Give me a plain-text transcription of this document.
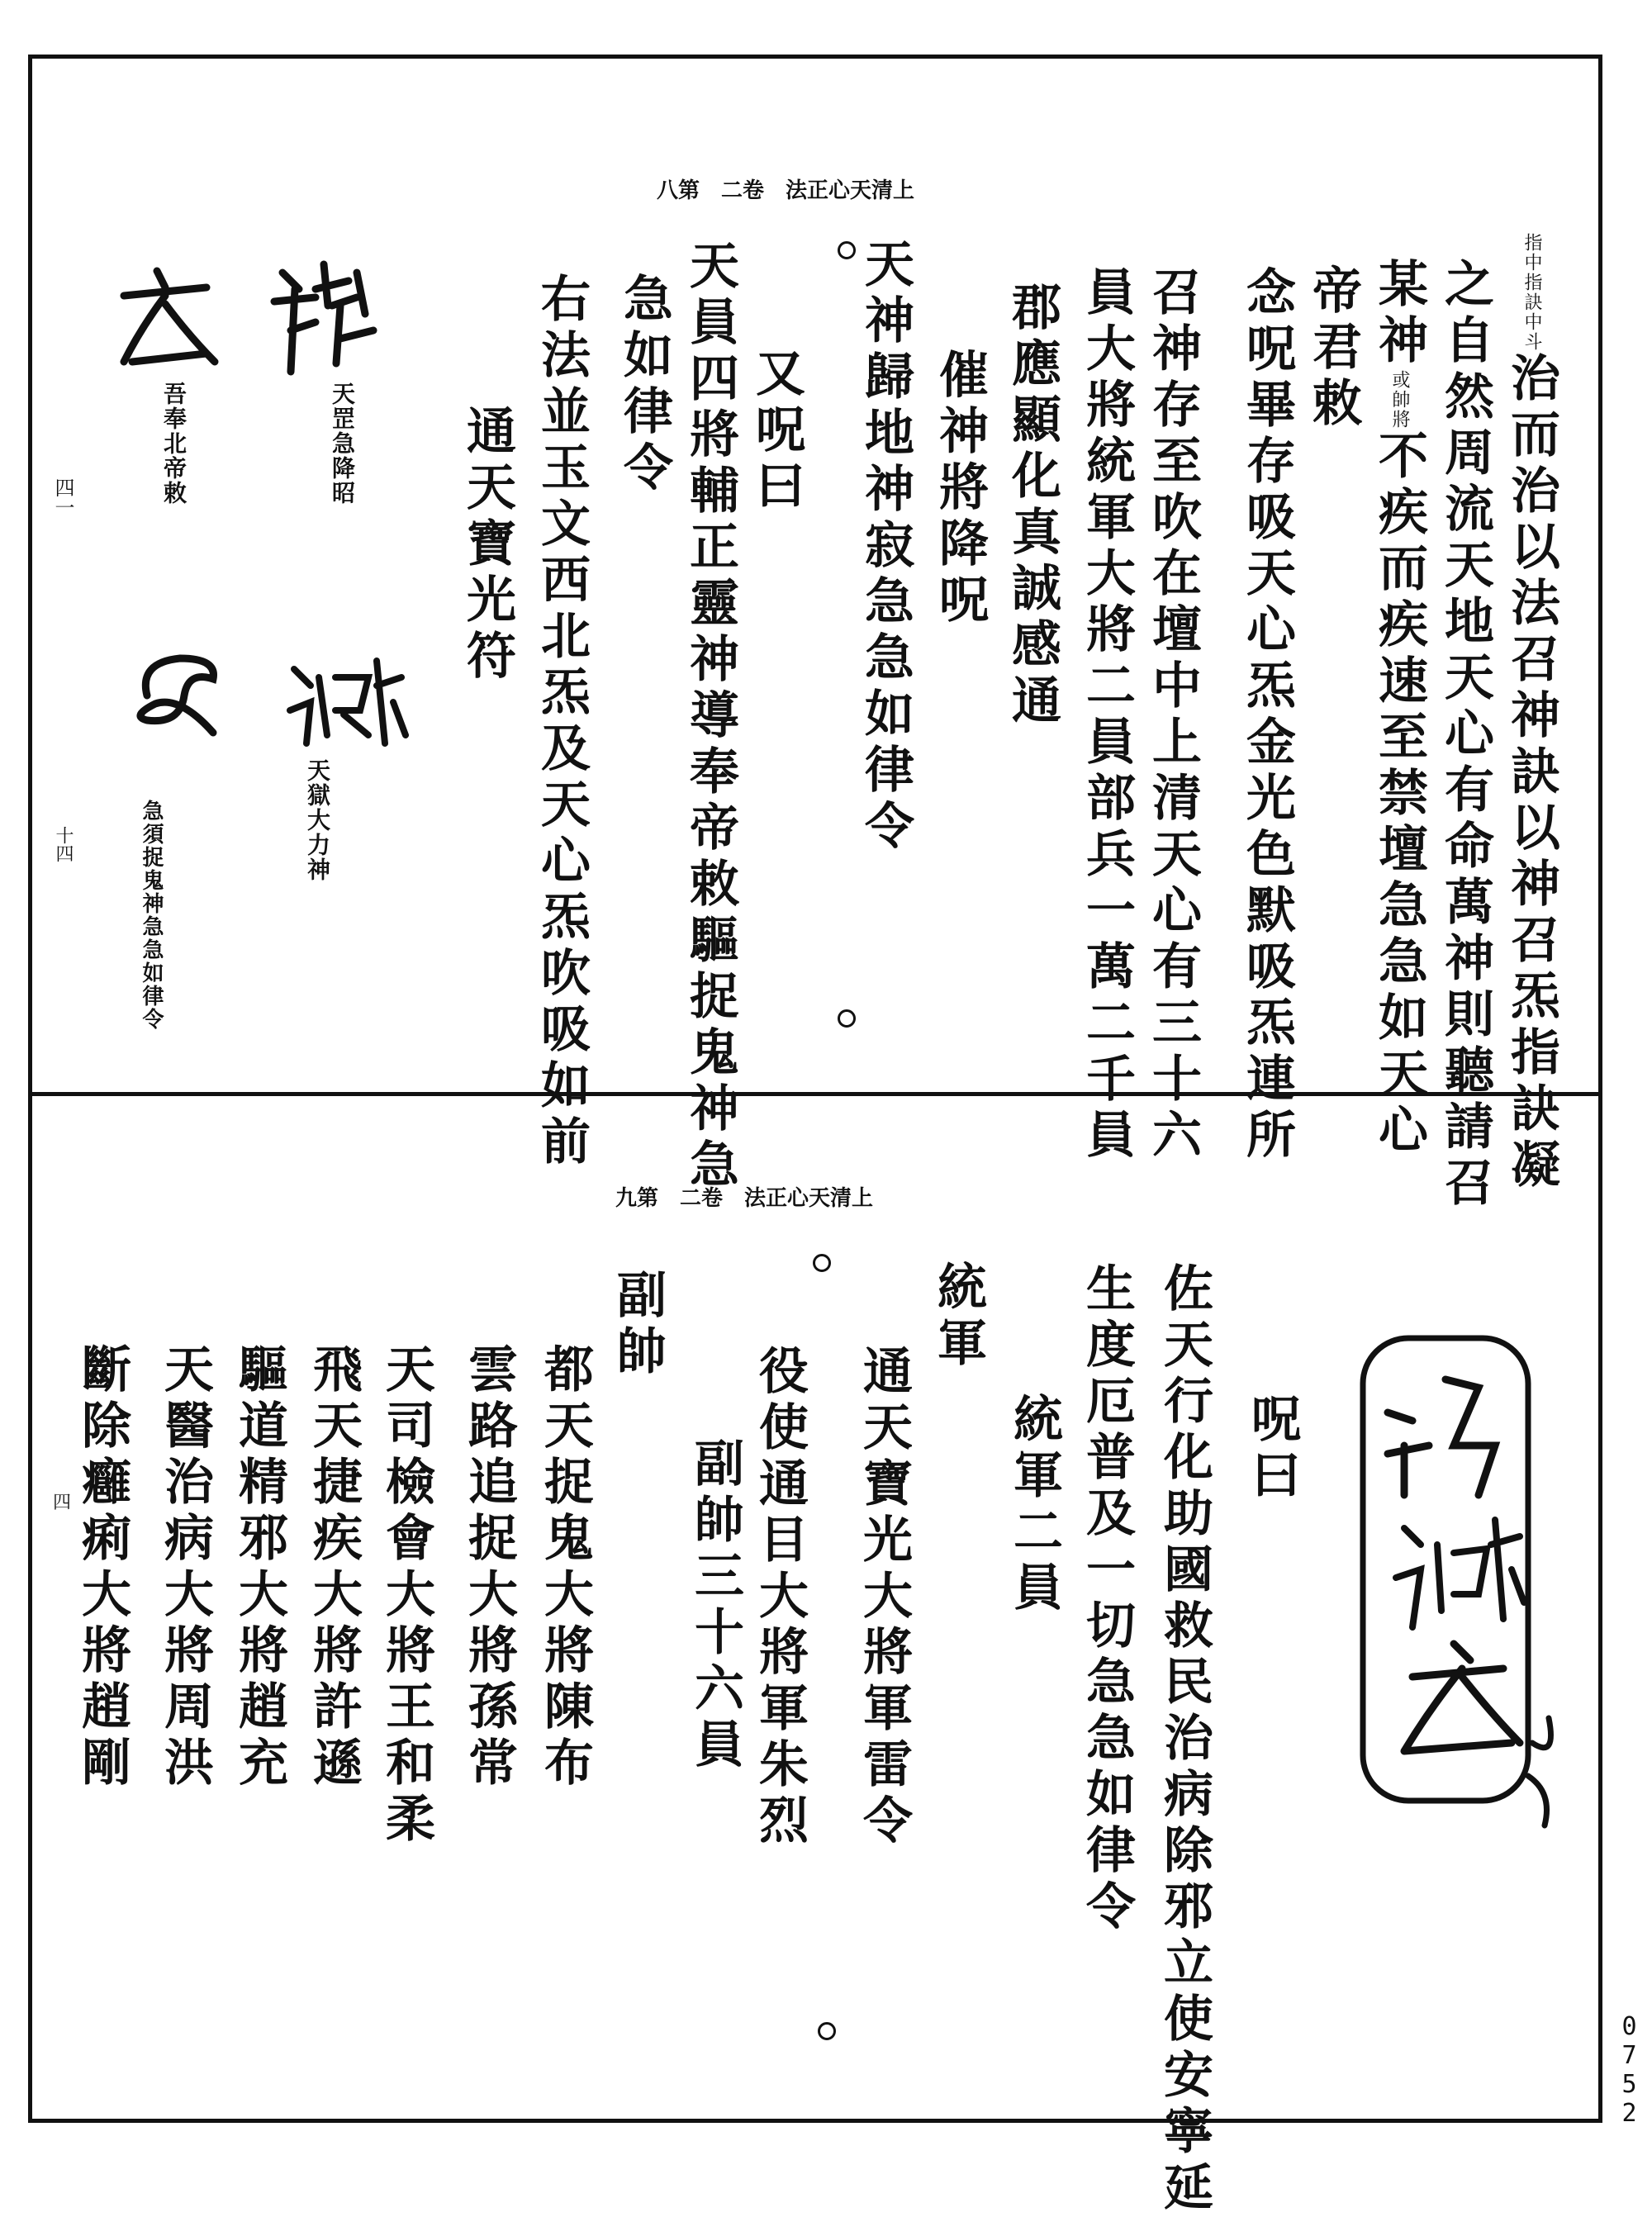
上清天心正法　卷二　第八
指中指訣中斗治而治以法召神訣以神召炁指訣凝
之自然周流天地天心有命萬神則聽請召
某神或帥將不疾而疾速至禁壇急急如天心
帝君敕
念呪畢存吸天心炁金光色默吸炁連所
召神存至吹在壇中上清天心有三十六
員大將統軍大將二員部兵一萬二千員
郡應顯化真誠感通
催神將降呪
天神歸地神寂急急如律令
又呪曰
天員四將輔正靈神導奉帝敕驅捉鬼神急
急如律令
右法並玉文西北炁及天心炁吹吸如前
通天寶光符
天罡急降昭
吾奉北帝敕
天獄大力神
急須捉鬼神急急如律令
四一
十四
上清天心正法　卷二　第九
佐天行化助國救民治病除邪立使安寧延
生度厄普及一切急急如律令
統軍二員
統軍
通天寶光大將軍雷令
役使通目大將軍朱烈
副帥三十六員
副帥
都天捉鬼大將陳布
雲路追捉大將孫常
天司檢會大將王和柔
飛天捷疾大將許遜
驅道精邪大將趙充
天醫治病大將周洪
斷除癰痢大將趙剛	呪曰
四
0752
